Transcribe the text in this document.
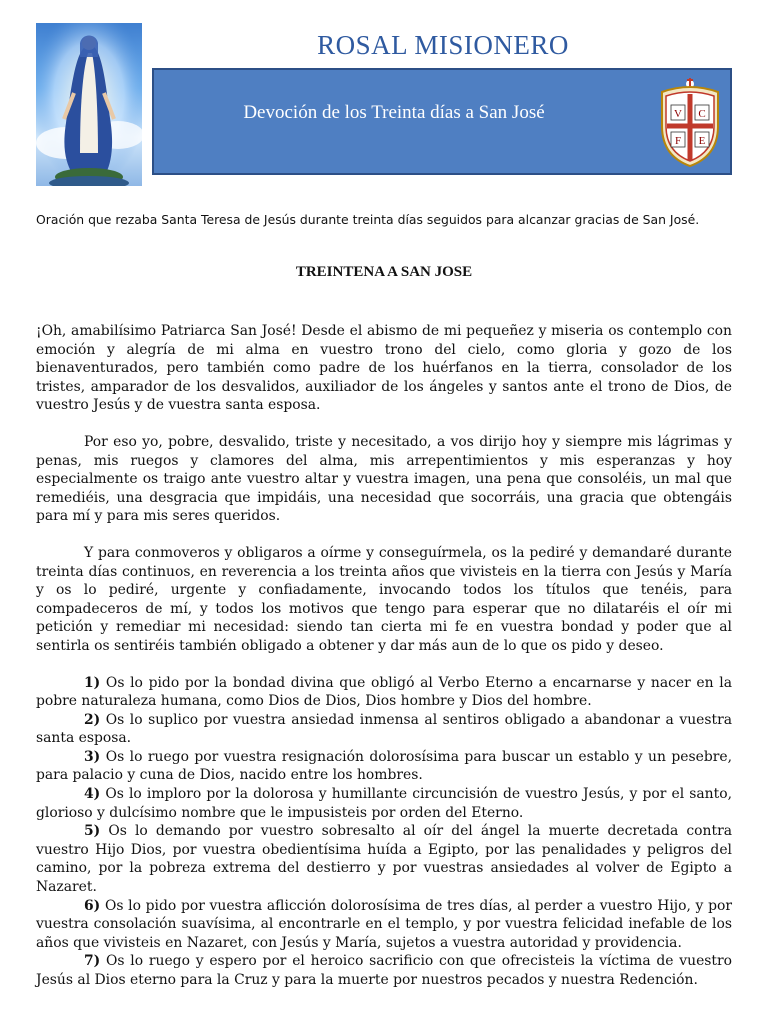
ROSAL MISIONERO
Devoción de los Treinta días a San José	V C
F E
Oración que rezaba Santa Teresa de Jesús durante treinta días seguidos para alcanzar gracias de San José.
TREINTENA A SAN JOSE

¡Oh, amabilísimo Patriarca San José! Desde el abismo de mi pequeñez y miseria os contemplo con emoción y alegría de mi alma en vuestro trono del cielo, como gloria y gozo de los bienaventurados, pero también como padre de los huérfanos en la tierra, consolador de los tristes, amparador de los desvalidos, auxiliador de los ángeles y santos ante el trono de Dios, de vuestro Jesús y de vuestra santa esposa.

Por eso yo, pobre, desvalido, triste y necesitado, a vos dirijo hoy y siempre mis lágrimas y penas, mis ruegos y clamores del alma, mis arrepentimientos y mis esperanzas y hoy especialmente os traigo ante vuestro altar y vuestra imagen, una pena que consoléis, un mal que remediéis, una desgracia que impidáis, una necesidad que socorráis, una gracia que obtengáis para mí y para mis seres queridos.

Y para conmoveros y obligaros a oírme y conseguírmela, os la pediré y demandaré durante treinta días continuos, en reverencia a los treinta años que vivisteis en la tierra con Jesús y María y os lo pediré, urgente y confiadamente, invocando todos los títulos que tenéis, para compadeceros de mí, y todos los motivos que tengo para esperar que no dilataréis el oír mi petición y remediar mi necesidad: siendo tan cierta mi fe en vuestra bondad y poder que al sentirla os sentiréis también obligado a obtener y dar más aun de lo que os pido y deseo.

1) Os lo pido por la bondad divina que obligó al Verbo Eterno a encarnarse y nacer en la pobre naturaleza humana, como Dios de Dios, Dios hombre y Dios del hombre.

2) Os lo suplico por vuestra ansiedad inmensa al sentiros obligado a abandonar a vuestra santa esposa.

3) Os lo ruego por vuestra resignación dolorosísima para buscar un establo y un pesebre, para palacio y cuna de Dios, nacido entre los hombres.

4) Os lo imploro por la dolorosa y humillante circuncisión de vuestro Jesús, y por el santo, glorioso y dulcísimo nombre que le impusisteis por orden del Eterno.

5) Os lo demando por vuestro sobresalto al oír del ángel la muerte decretada contra vuestro Hijo Dios, por vuestra obedientísima huída a Egipto, por las penalidades y peligros del camino, por la pobreza extrema del destierro y por vuestras ansiedades al volver de Egipto a Nazaret.

6) Os lo pido por vuestra aflicción dolorosísima de tres días, al perder a vuestro Hijo, y por vuestra consolación suavísima, al encontrarle en el templo, y por vuestra felicidad inefable de los años que vivisteis en Nazaret, con Jesús y María, sujetos a vuestra autoridad y providencia.

7) Os lo ruego y espero por el heroico sacrificio con que ofrecisteis la víctima de vuestro Jesús al Dios eterno para la Cruz y para la muerte por nuestros pecados y nuestra Redención.
